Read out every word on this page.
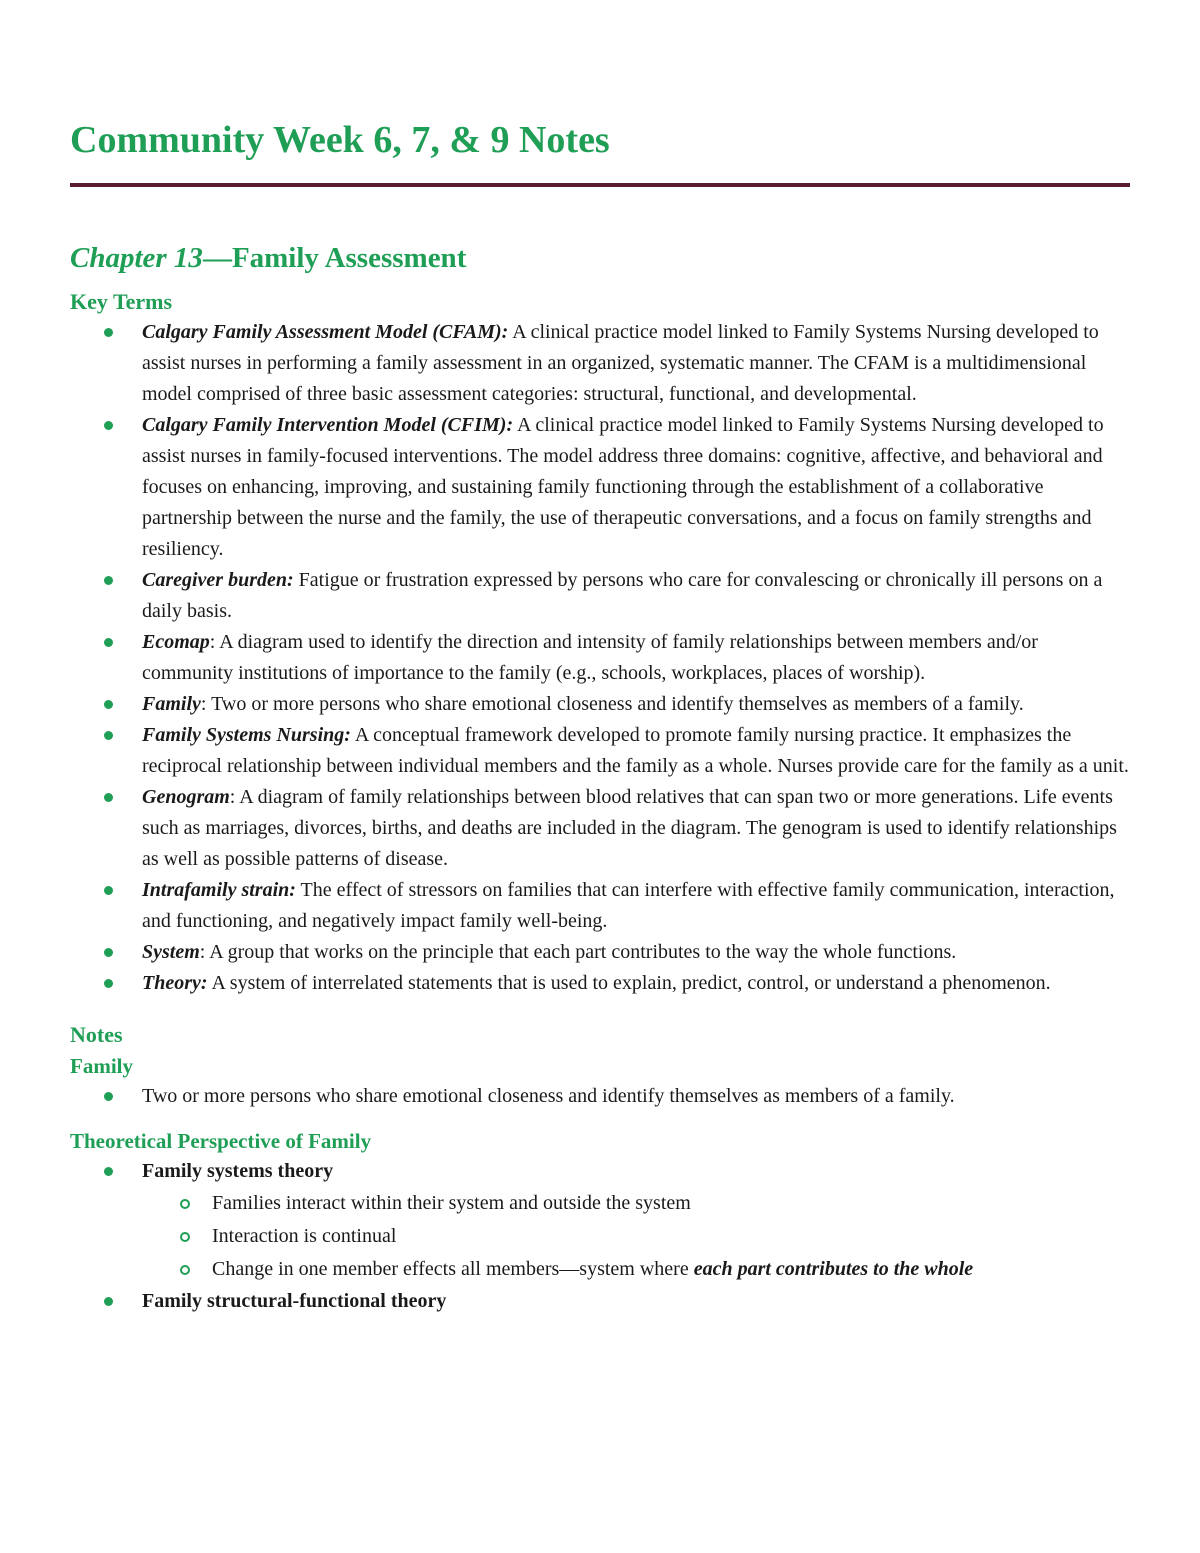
Community Week 6, 7, & 9 Notes
Chapter 13—Family Assessment
Key Terms
Calgary Family Assessment Model (CFAM): A clinical practice model linked to Family Systems Nursing developed to assist nurses in performing a family assessment in an organized, systematic manner. The CFAM is a multidimensional model comprised of three basic assessment categories: structural, functional, and developmental.
Calgary Family Intervention Model (CFIM): A clinical practice model linked to Family Systems Nursing developed to assist nurses in family-focused interventions. The model address three domains: cognitive, affective, and behavioral and focuses on enhancing, improving, and sustaining family functioning through the establishment of a collaborative partnership between the nurse and the family, the use of therapeutic conversations, and a focus on family strengths and resiliency.
Caregiver burden: Fatigue or frustration expressed by persons who care for convalescing or chronically ill persons on a daily basis.
Ecomap: A diagram used to identify the direction and intensity of family relationships between members and/or community institutions of importance to the family (e.g., schools, workplaces, places of worship).
Family: Two or more persons who share emotional closeness and identify themselves as members of a family.
Family Systems Nursing: A conceptual framework developed to promote family nursing practice. It emphasizes the reciprocal relationship between individual members and the family as a whole. Nurses provide care for the family as a unit.
Genogram: A diagram of family relationships between blood relatives that can span two or more generations. Life events such as marriages, divorces, births, and deaths are included in the diagram. The genogram is used to identify relationships as well as possible patterns of disease.
Intrafamily strain: The effect of stressors on families that can interfere with effective family communication, interaction, and functioning, and negatively impact family well-being.
System: A group that works on the principle that each part contributes to the way the whole functions.
Theory: A system of interrelated statements that is used to explain, predict, control, or understand a phenomenon.
Notes
Family
Two or more persons who share emotional closeness and identify themselves as members of a family.
Theoretical Perspective of Family
Family systems theory
Families interact within their system and outside the system
Interaction is continual
Change in one member effects all members—system where each part contributes to the whole
Family structural-functional theory
